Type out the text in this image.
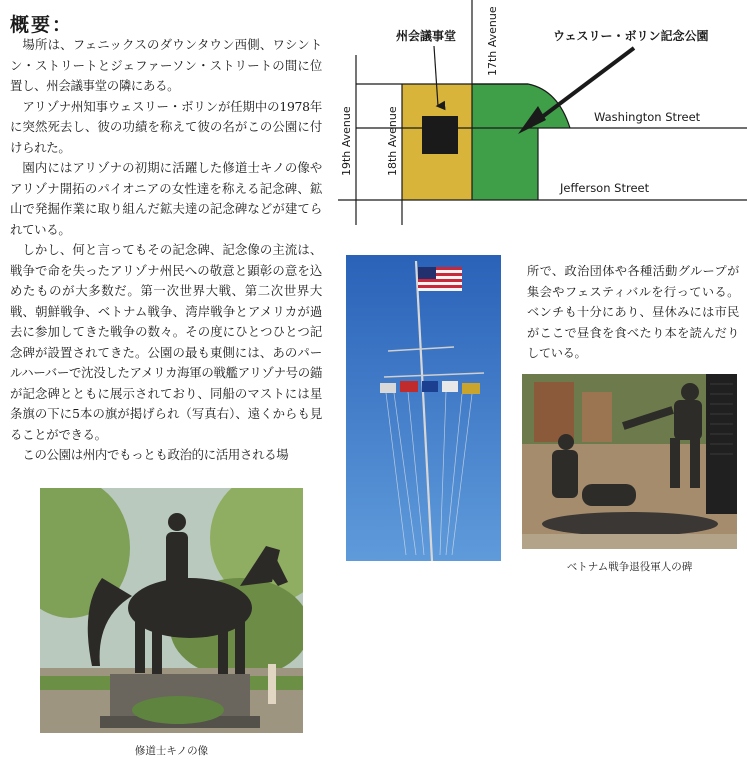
概要：

場所は、フェニックスのダウンタウン西側、ワシントン・ストリートとジェファーソン・ストリートの間に位置し、州会議事堂の隣にある。

アリゾナ州知事ウェスリー・ボリンが任期中の1978年に突然死去し、彼の功績を称えて彼の名がこの公園に付けられた。

園内にはアリゾナの初期に活躍した修道士キノの像やアリゾナ開拓のパイオニアの女性達を称える記念碑、鉱山で発掘作業に取り組んだ鉱夫達の記念碑などが建てられている。

しかし、何と言ってもその記念碑、記念像の主流は、戦争で命を失ったアリゾナ州民への敬意と顕彰の意を込めたものが大多数だ。第一次世界大戦、第二次世界大戦、朝鮮戦争、ベトナム戦争、湾岸戦争とアメリカが過去に参加してきた戦争の数々。その度にひとつひとつ記念碑が設置されてきた。公園の最も東側には、あのパールハーバーで沈没したアメリカ海軍の戦艦アリゾナ号の錨が記念碑とともに展示されており、同船のマストには星条旗の下に5本の旗が掲げられ（写真右）、遠くからも見ることができる。

この公園は州内でもっとも政治的に活用される場

州会議事堂	ウェスリー・ボリン記念公園
Washington Street
Jefferson Street
19th Avenue	18th Avenue
17th Avenue

所で、政治団体や各種活動グループが集会やフェスティバルを行っている。ベンチも十分にあり、昼休みには市民がここで昼食を食べたり本を読んだりしている。

ベトナム戦争退役軍人の碑

修道士キノの像
